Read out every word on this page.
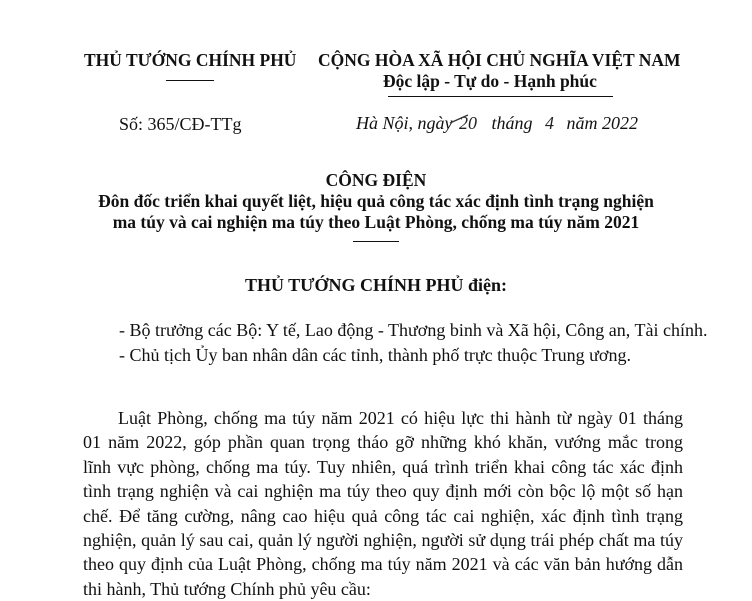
THỦ TƯỚNG CHÍNH PHỦ CỘNG HÒA XÃ HỘI CHỦ NGHĨA VIỆT NAM
Độc lập - Tự do - Hạnh phúc
Số: 365/CĐ-TTg	Hà Nội, ngày 20 tháng 4 năm 2022
CÔNG ĐIỆN
Đôn đốc triển khai quyết liệt, hiệu quả công tác xác định tình trạng nghiện
ma túy và cai nghiện ma túy theo Luật Phòng, chống ma túy năm 2021
THỦ TƯỚNG CHÍNH PHỦ điện:
- Bộ trưởng các Bộ: Y tế, Lao động - Thương binh và Xã hội, Công an, Tài chính.
- Chủ tịch Ủy ban nhân dân các tỉnh, thành phố trực thuộc Trung ương.
Luật Phòng, chống ma túy năm 2021 có hiệu lực thi hành từ ngày 01 tháng
01 năm 2022, góp phần quan trọng tháo gỡ những khó khăn, vướng mắc trong
lĩnh vực phòng, chống ma túy. Tuy nhiên, quá trình triển khai công tác xác định
tình trạng nghiện và cai nghiện ma túy theo quy định mới còn bộc lộ một số hạn
chế. Để tăng cường, nâng cao hiệu quả công tác cai nghiện, xác định tình trạng
nghiện, quản lý sau cai, quản lý người nghiện, người sử dụng trái phép chất ma túy
theo quy định của Luật Phòng, chống ma túy năm 2021 và các văn bản hướng dẫn
thi hành, Thủ tướng Chính phủ yêu cầu:
